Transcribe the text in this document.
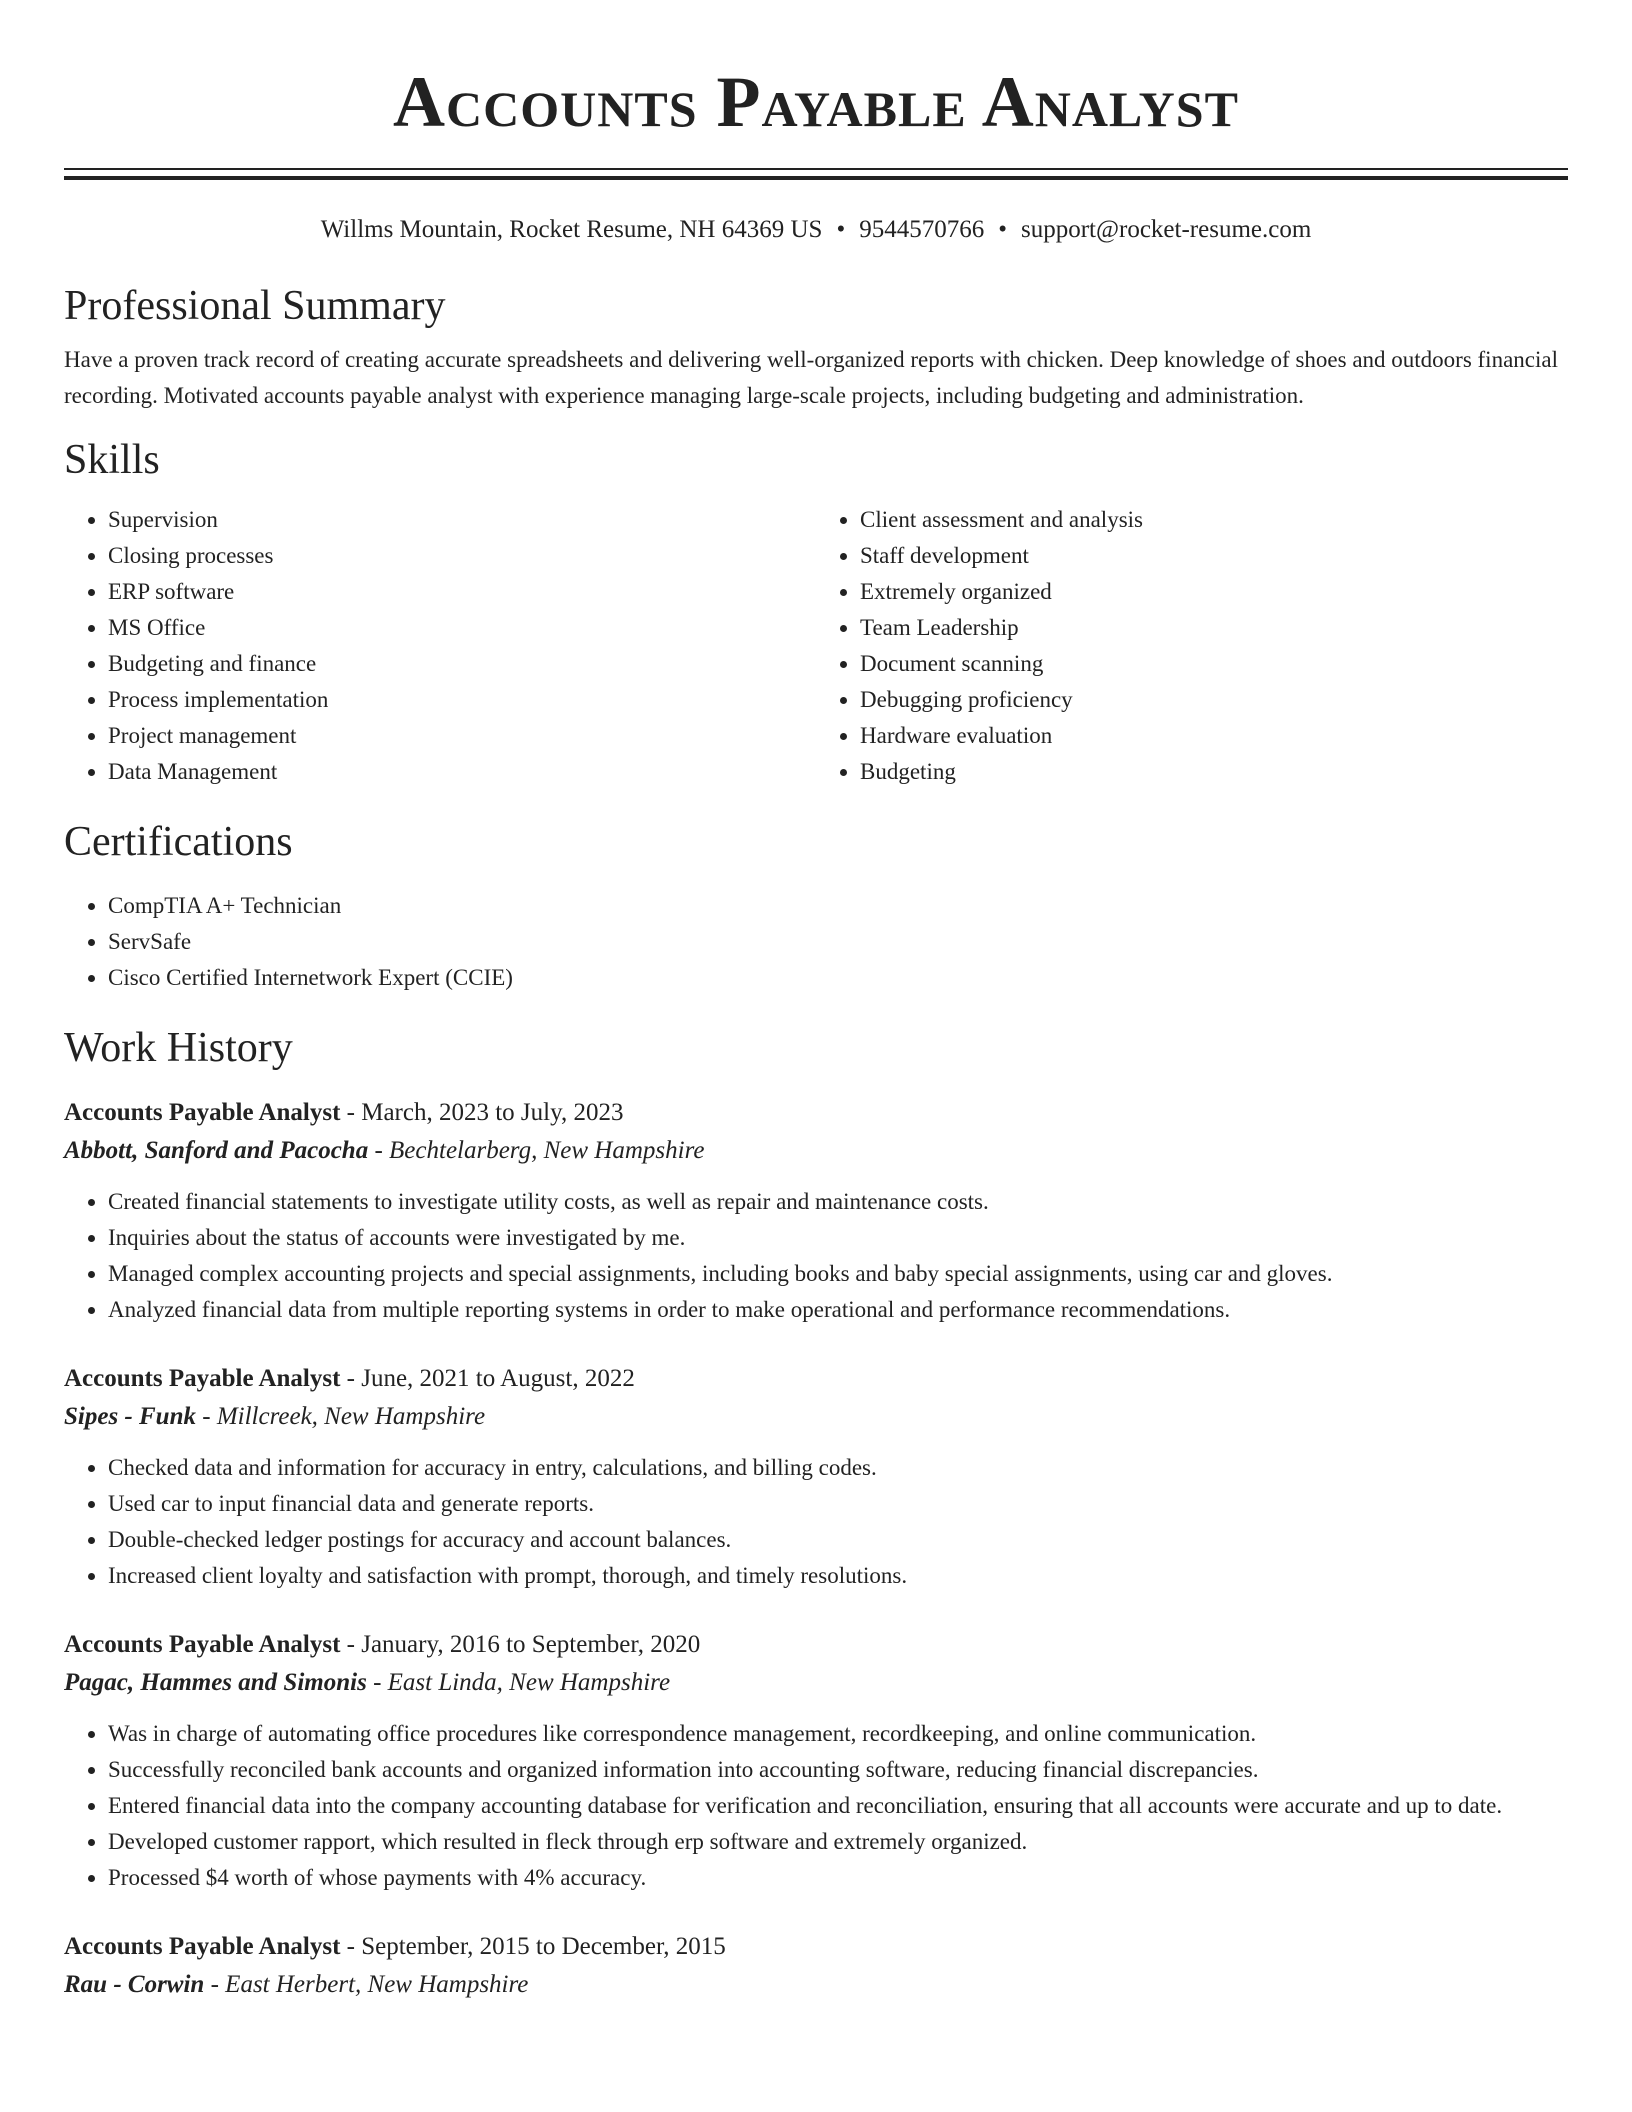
Accounts Payable Analyst
Willms Mountain, Rocket Resume, NH 64369 US • 9544570766 • support@rocket-resume.com
Professional Summary

Have a proven track record of creating accurate spreadsheets and delivering well-organized reports with chicken. Deep knowledge of shoes and outdoors financial recording. Motivated accounts payable analyst with experience managing large-scale projects, including budgeting and administration.

Skills
• Supervision
• Closing processes
• ERP software
• MS Office
• Budgeting and finance
• Process implementation
• Project management
• Data Management
• Client assessment and analysis
• Staff development
• Extremely organized
• Team Leadership
• Document scanning
• Debugging proficiency
• Hardware evaluation
• Budgeting
Certifications
• CompTIA A+ Technician
• ServSafe
• Cisco Certified Internetwork Expert (CCIE)
Work History
Accounts Payable Analyst - March, 2023 to July, 2023
Abbott, Sanford and Pacocha - Bechtelarberg, New Hampshire
• Created financial statements to investigate utility costs, as well as repair and maintenance costs.
• Inquiries about the status of accounts were investigated by me.
• Managed complex accounting projects and special assignments, including books and baby special assignments, using car and gloves.
• Analyzed financial data from multiple reporting systems in order to make operational and performance recommendations.
Accounts Payable Analyst - June, 2021 to August, 2022
Sipes - Funk - Millcreek, New Hampshire
• Checked data and information for accuracy in entry, calculations, and billing codes.
• Used car to input financial data and generate reports.
• Double-checked ledger postings for accuracy and account balances.
• Increased client loyalty and satisfaction with prompt, thorough, and timely resolutions.
Accounts Payable Analyst - January, 2016 to September, 2020
Pagac, Hammes and Simonis - East Linda, New Hampshire
• Was in charge of automating office procedures like correspondence management, recordkeeping, and online communication.
• Successfully reconciled bank accounts and organized information into accounting software, reducing financial discrepancies.
• Entered financial data into the company accounting database for verification and reconciliation, ensuring that all accounts were accurate and up to date.
• Developed customer rapport, which resulted in fleck through erp software and extremely organized.
• Processed $4 worth of whose payments with 4% accuracy.
Accounts Payable Analyst - September, 2015 to December, 2015
Rau - Corwin - East Herbert, New Hampshire
